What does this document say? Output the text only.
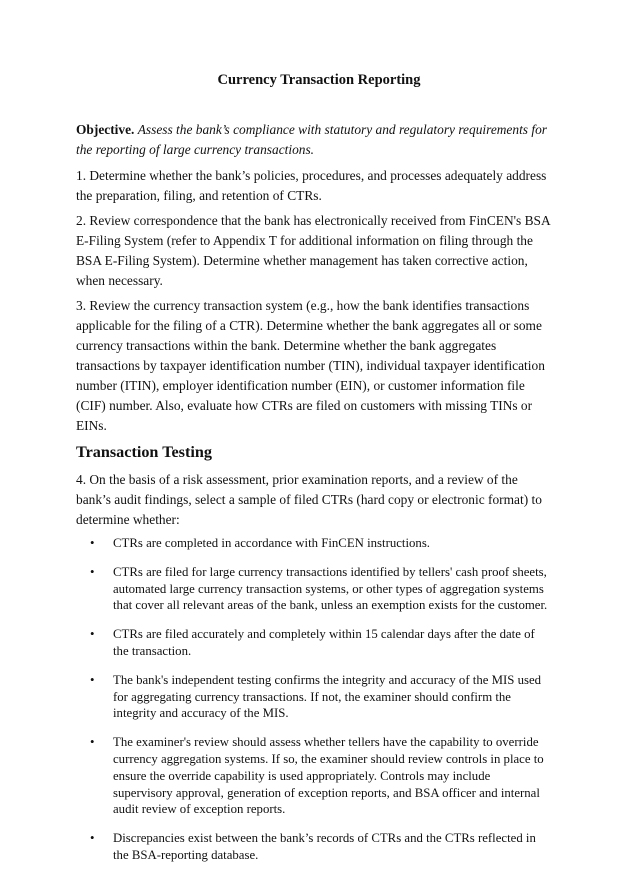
Currency Transaction Reporting

Objective. Assess the bank’s compliance with statutory and regulatory requirements for the reporting of large currency transactions.

1. Determine whether the bank’s policies, procedures, and processes adequately address the preparation, filing, and retention of CTRs.

2. Review correspondence that the bank has electronically received from FinCEN's BSA E-Filing System (refer to Appendix T for additional information on filing through the BSA E-Filing System). Determine whether management has taken corrective action, when necessary.

3. Review the currency transaction system (e.g., how the bank identifies transactions applicable for the filing of a CTR). Determine whether the bank aggregates all or some currency transactions within the bank. Determine whether the bank aggregates transactions by taxpayer identification number (TIN), individual taxpayer identification number (ITIN), employer identification number (EIN), or customer information file (CIF) number. Also, evaluate how CTRs are filed on customers with missing TINs or EINs.

Transaction Testing

4. On the basis of a risk assessment, prior examination reports, and a review of the bank’s audit findings, select a sample of filed CTRs (hard copy or electronic format) to determine whether:

• CTRs are completed in accordance with FinCEN instructions.
• CTRs are filed for large currency transactions identified by tellers' cash proof sheets, automated large currency transaction systems, or other types of aggregation systems that cover all relevant areas of the bank, unless an exemption exists for the customer.
• CTRs are filed accurately and completely within 15 calendar days after the date of the transaction.
• The bank's independent testing confirms the integrity and accuracy of the MIS used for aggregating currency transactions. If not, the examiner should confirm the integrity and accuracy of the MIS.
• The examiner's review should assess whether tellers have the capability to override currency aggregation systems. If so, the examiner should review controls in place to ensure the override capability is used appropriately. Controls may include supervisory approval, generation of exception reports, and BSA officer and internal audit review of exception reports.
• Discrepancies exist between the bank’s records of CTRs and the CTRs reflected in the BSA-reporting database.
